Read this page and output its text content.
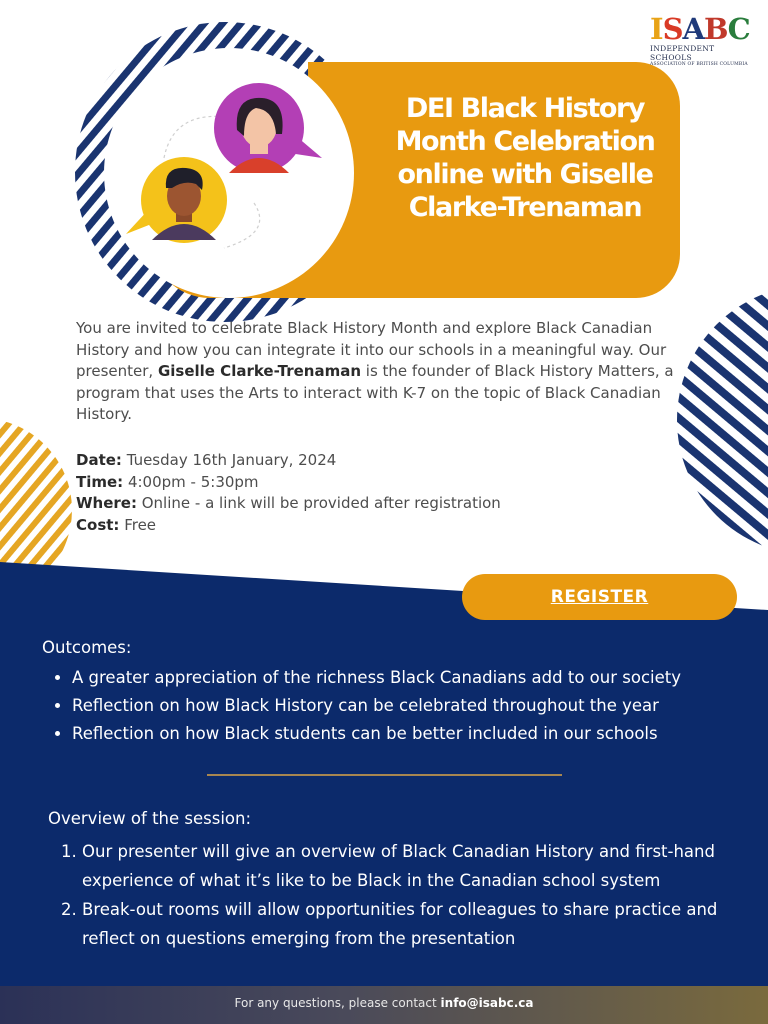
DEI Black History Month Celebration online with Giselle Clarke-Trenaman
I S A B C
INDEPENDENT SCHOOLS
ASSOCIATION OF BRITISH COLUMBIA
You are invited to celebrate Black History Month and explore Black Canadian History and how you can integrate it into our schools in a meaningful way. Our presenter, Giselle Clarke-Trenaman is the founder of Black History Matters, a program that uses the Arts to interact with K-7 on the topic of Black Canadian History.
Date: Tuesday 16th January, 2024
Time: 4:00pm - 5:30pm
Where: Online - a link will be provided after registration
Cost: Free
REGISTER
Outcomes:
• A greater appreciation of the richness Black Canadians add to our society
• Reflection on how Black History can be celebrated throughout the year
• Reflection on how Black students can be better included in our schools
Overview of the session:
1. Our presenter will give an overview of Black Canadian History and first-hand experience of what it’s like to be Black in the Canadian school system
2. Break-out rooms will allow opportunities for colleagues to share practice and reflect on questions emerging from the presentation
For any questions, please contact info@isabc.ca
